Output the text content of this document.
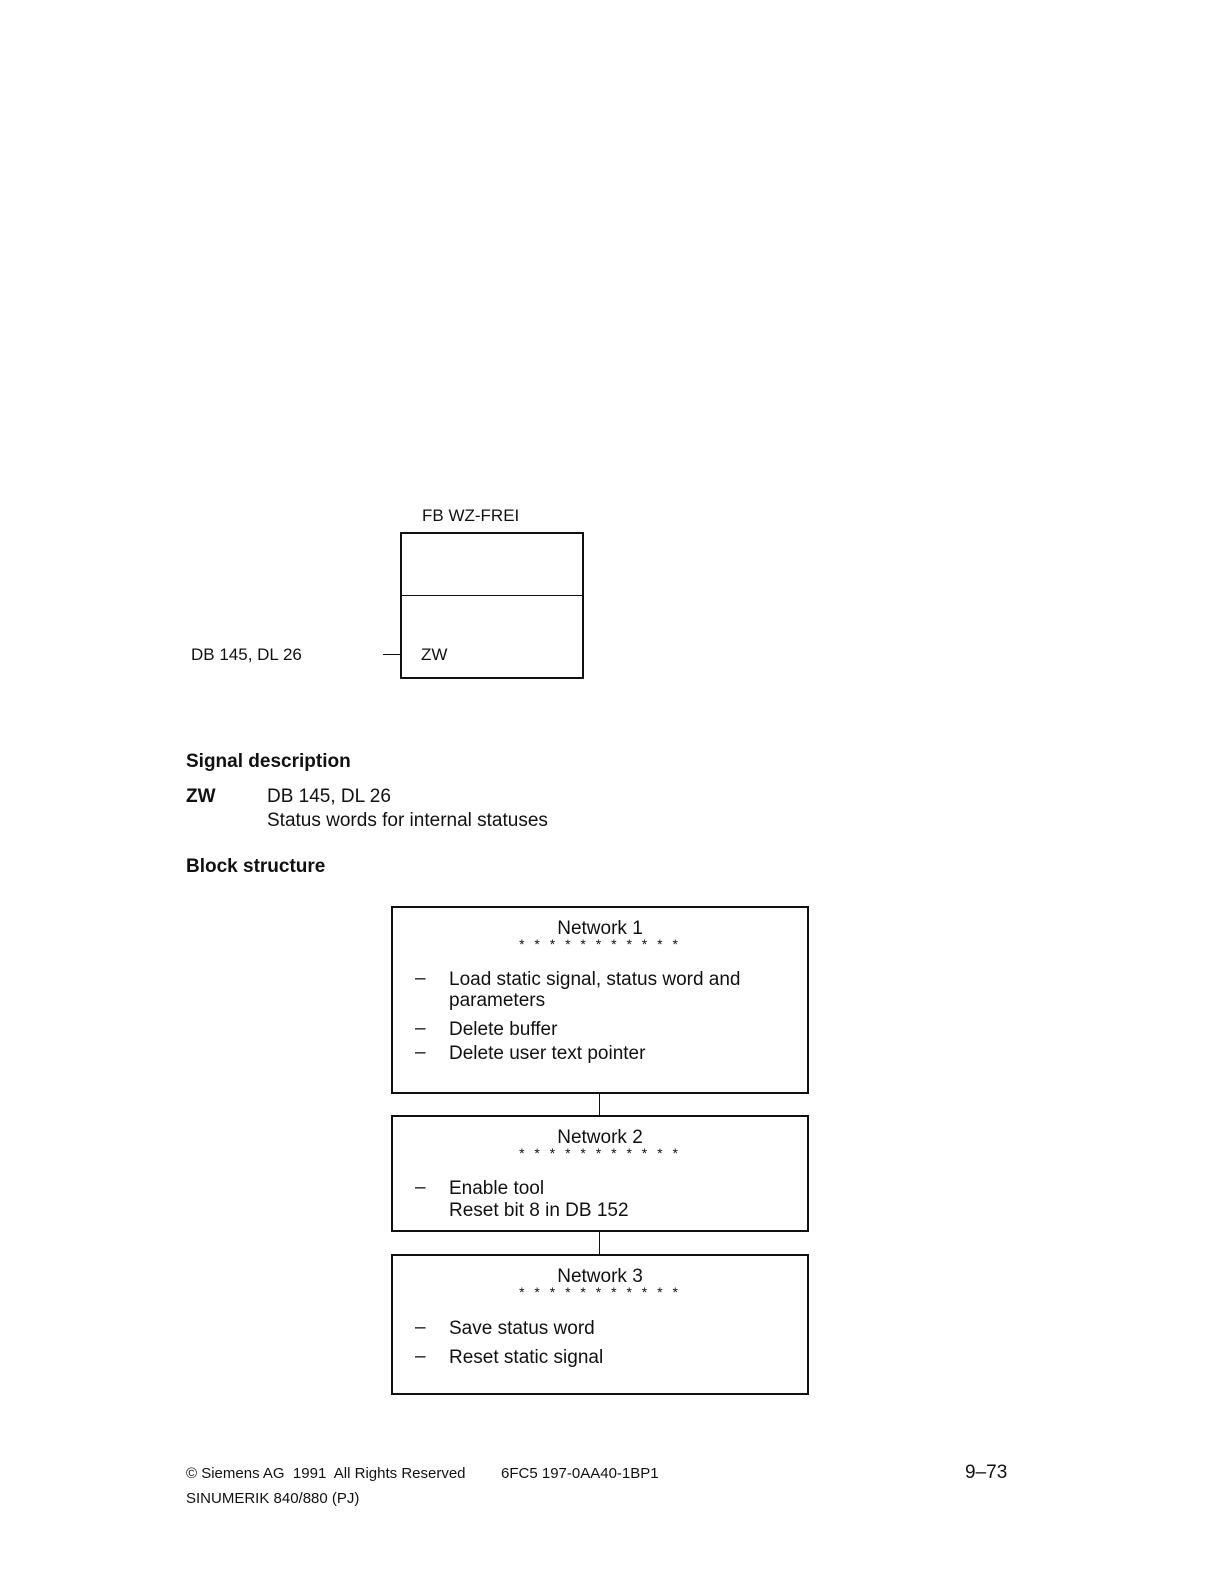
FB WZ-FREI
DB 145, DL 26	ZW
Signal description
ZW	DB 145, DL 26
Status words for internal statuses
Block structure
Network 1
* * * * * * * * * * *
– Load static signal, status word and parameters
– Delete buffer
– Delete user text pointer
Network 2
* * * * * * * * * * *
– Enable tool
Reset bit 8 in DB 152
Network 3
* * * * * * * * * * *
– Save status word
– Reset static signal
© Siemens AG  1991  All Rights Reserved 6FC5 197-0AA40-1BP1	9–73
SINUMERIK 840/880 (PJ)
